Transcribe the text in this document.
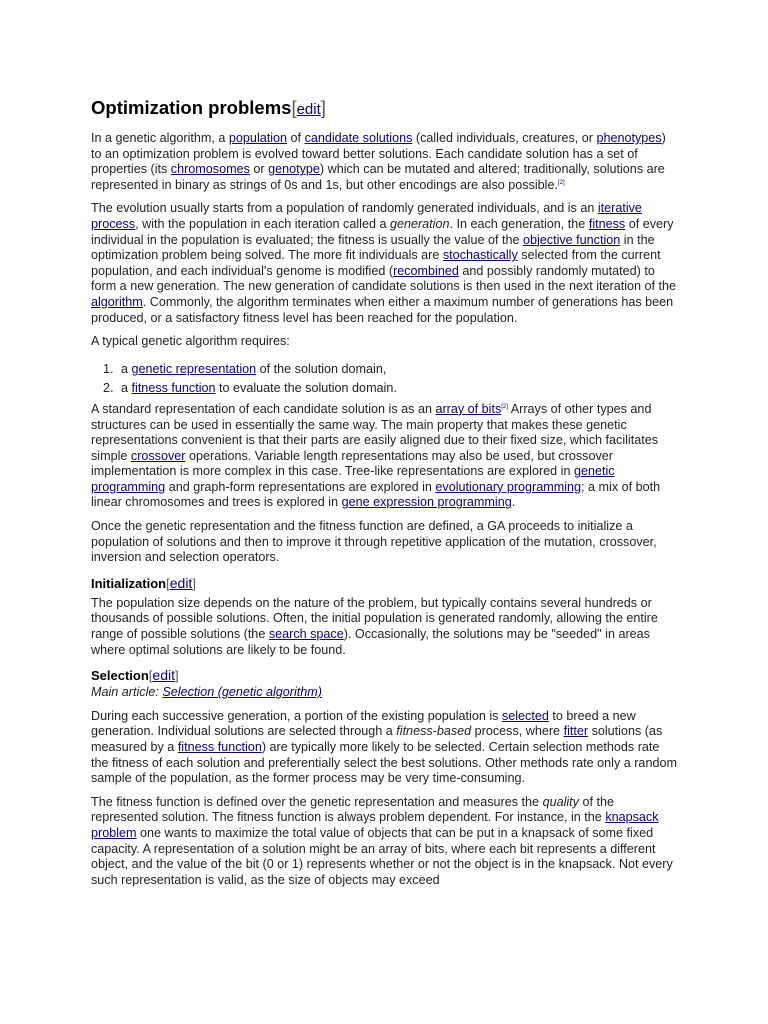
Optimization problems[edit]

In a genetic algorithm, a population of candidate solutions (called individuals, creatures, or phenotypes) to an optimization problem is evolved toward better solutions. Each candidate solution has a set of properties (its chromosomes or genotype) which can be mutated and altered; traditionally, solutions are represented in binary as strings of 0s and 1s, but other encodings are also possible.[2]

The evolution usually starts from a population of randomly generated individuals, and is an iterative process, with the population in each iteration called a generation. In each generation, the fitness of every individual in the population is evaluated; the fitness is usually the value of the objective function in the optimization problem being solved. The more fit individuals are stochastically selected from the current population, and each individual's genome is modified (recombined and possibly randomly mutated) to form a new generation. The new generation of candidate solutions is then used in the next iteration of the algorithm. Commonly, the algorithm terminates when either a maximum number of generations has been produced, or a satisfactory fitness level has been reached for the population.

A typical genetic algorithm requires:

1. a genetic representation of the solution domain,
2. a fitness function to evaluate the solution domain.

A standard representation of each candidate solution is as an array of bits[2] Arrays of other types and structures can be used in essentially the same way. The main property that makes these genetic representations convenient is that their parts are easily aligned due to their fixed size, which facilitates simple crossover operations. Variable length representations may also be used, but crossover implementation is more complex in this case. Tree-like representations are explored in genetic programming and graph-form representations are explored in evolutionary programming; a mix of both linear chromosomes and trees is explored in gene expression programming.

Once the genetic representation and the fitness function are defined, a GA proceeds to initialize a population of solutions and then to improve it through repetitive application of the mutation, crossover, inversion and selection operators.

Initialization[edit]

The population size depends on the nature of the problem, but typically contains several hundreds or thousands of possible solutions. Often, the initial population is generated randomly, allowing the entire range of possible solutions (the search space). Occasionally, the solutions may be "seeded" in areas where optimal solutions are likely to be found.

Selection[edit]
Main article: Selection (genetic algorithm)

During each successive generation, a portion of the existing population is selected to breed a new generation. Individual solutions are selected through a fitness-based process, where fitter solutions (as measured by a fitness function) are typically more likely to be selected. Certain selection methods rate the fitness of each solution and preferentially select the best solutions. Other methods rate only a random sample of the population, as the former process may be very time-consuming.

The fitness function is defined over the genetic representation and measures the quality of the represented solution. The fitness function is always problem dependent. For instance, in the knapsack problem one wants to maximize the total value of objects that can be put in a knapsack of some fixed capacity. A representation of a solution might be an array of bits, where each bit represents a different object, and the value of the bit (0 or 1) represents whether or not the object is in the knapsack. Not every such representation is valid, as the size of objects may exceed
